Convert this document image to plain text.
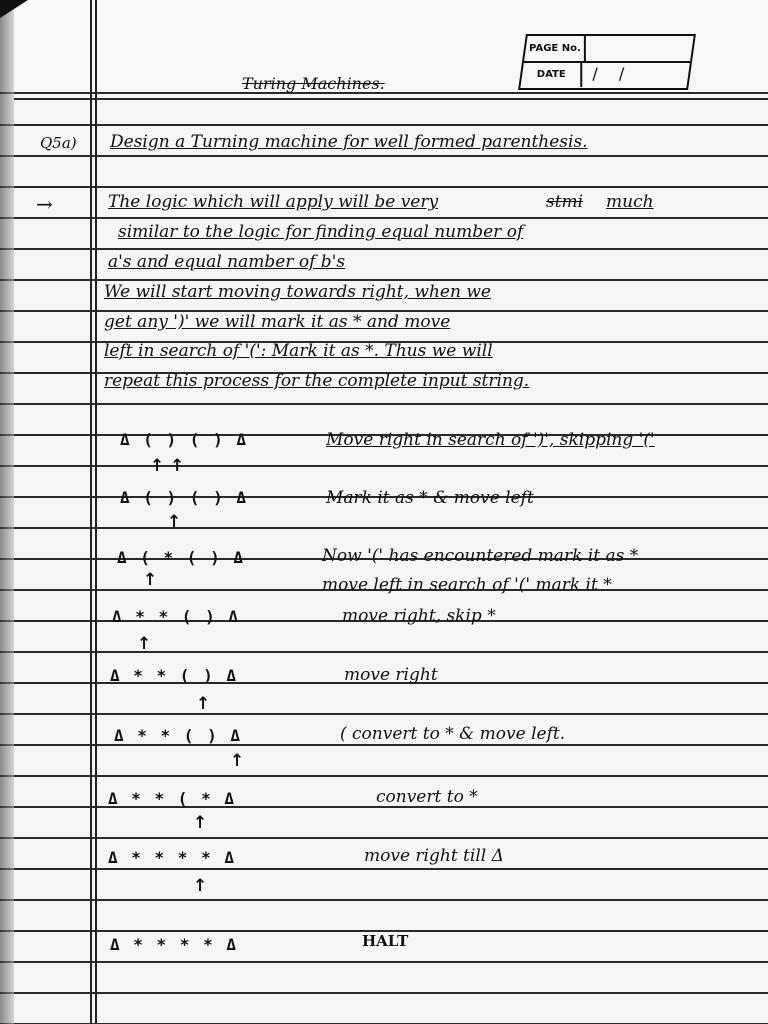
PAGE No.
DATE	/ /
Turing Machines.
Q5a) Design a Turning machine for well formed parenthesis.
→	The logic which will apply will be very	stmi much
similar to the logic for finding equal number of
a's and equal namber of b's
We will start moving towards right, when we
get any ')' we will mark it as * and move
left in search of '(': Mark it as *. Thus we will
repeat this process for the complete input string.
Δ ( ) ( ) Δ
↑ ↑
Move right in search of ')', skipping '('
Δ ( ) ( ) Δ
↑
Mark it as * & move left
Δ ( * ( ) Δ
↑
Now '(' has encountered mark it as *
move left in search of '(' mark it *
Δ * * ( ) Δ
↑
move right, skip *
Δ * * ( ) Δ
↑
move right
Δ * * ( ) Δ
↑
( convert to * & move left.
Δ * * ( * Δ
↑
convert to *
Δ * * * * Δ
↑
move right till Δ
Δ * * * * Δ	HALT
